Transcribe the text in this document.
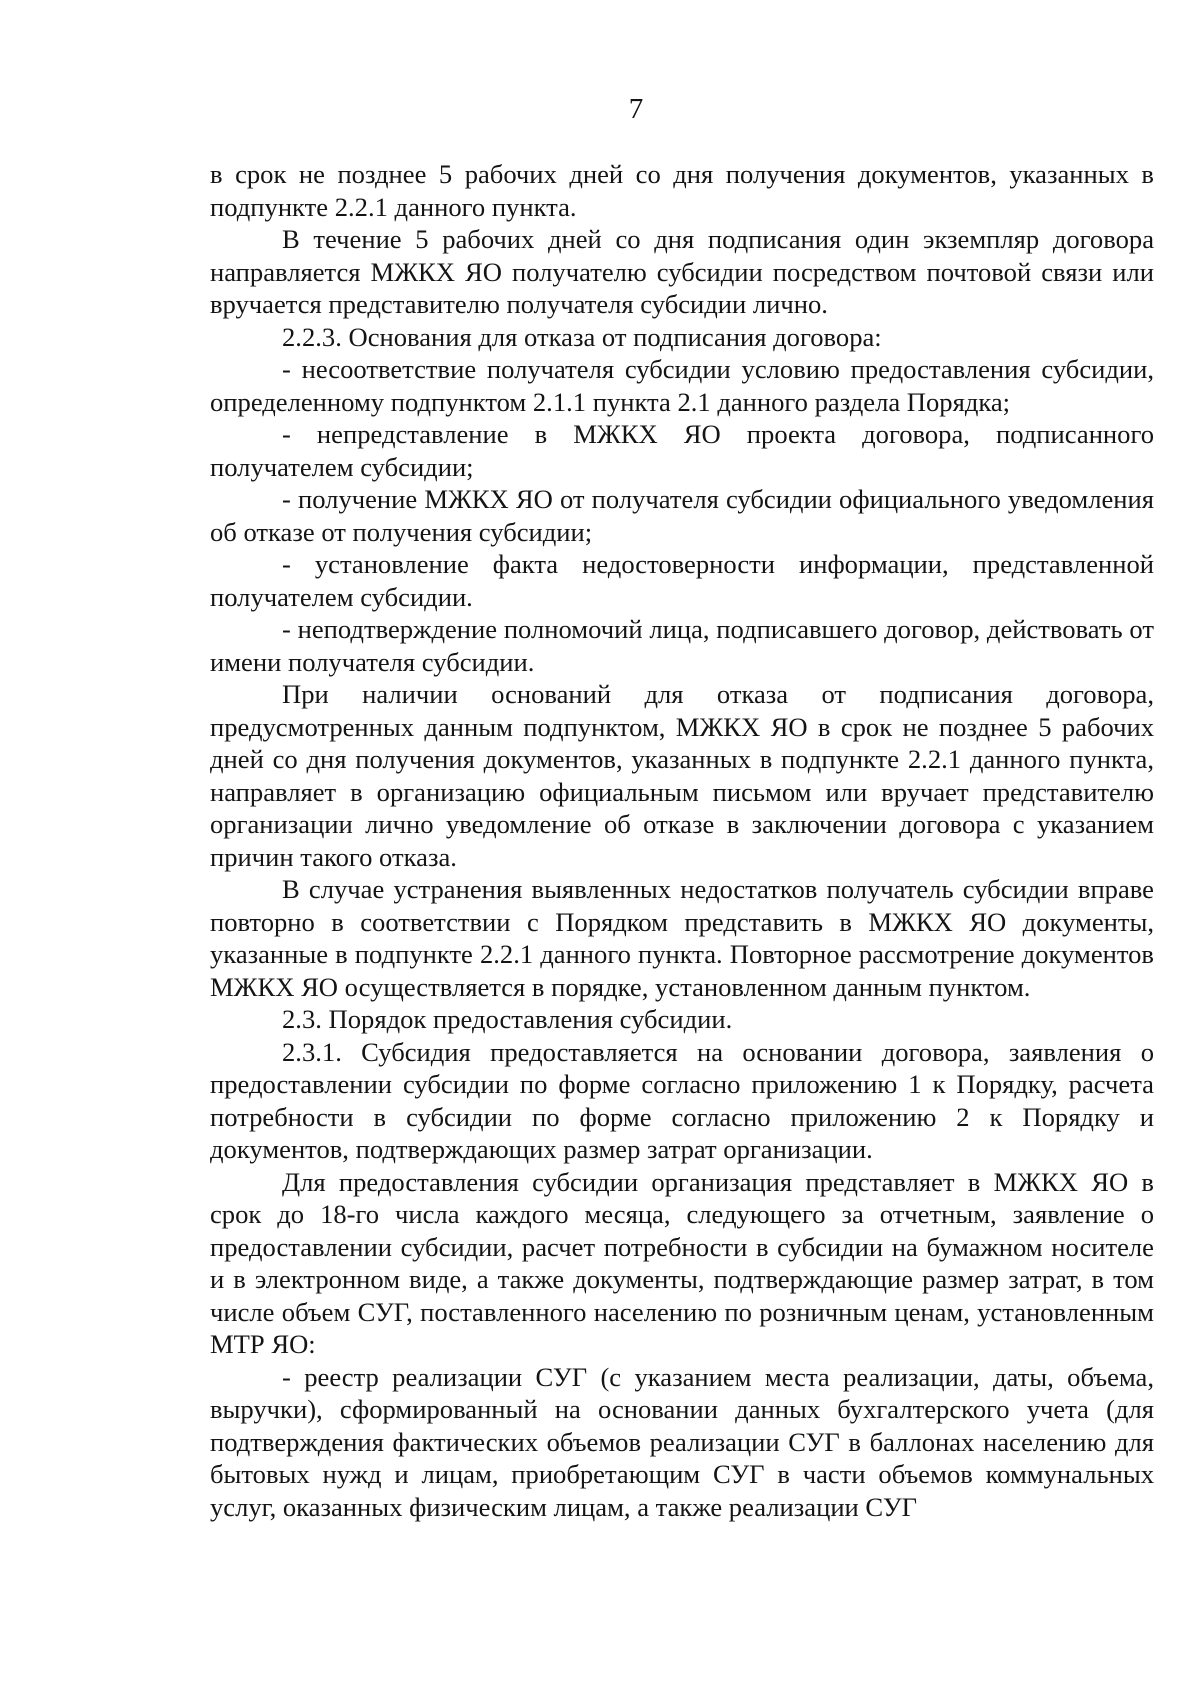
7

в срок не позднее 5 рабочих дней со дня получения документов, указанных в подпункте 2.2.1 данного пункта.

В течение 5 рабочих дней со дня подписания один экземпляр договора направляется МЖКХ ЯО получателю субсидии посредством почтовой связи или вручается представителю получателя субсидии лично.

2.2.3. Основания для отказа от подписания договора:

- несоответствие получателя субсидии условию предоставления субсидии, определенному подпунктом 2.1.1 пункта 2.1 данного раздела Порядка;

- непредставление в МЖКХ ЯО проекта договора, подписанного получателем субсидии;

- получение МЖКХ ЯО от получателя субсидии официального уведомления об отказе от получения субсидии;

- установление факта недостоверности информации, представленной получателем субсидии.

- неподтверждение полномочий лица, подписавшего договор, действовать от имени получателя субсидии.

При наличии оснований для отказа от подписания договора, предусмотренных данным подпунктом, МЖКХ ЯО в срок не позднее 5 рабочих дней со дня получения документов, указанных в подпункте 2.2.1 данного пункта, направляет в организацию официальным письмом или вручает представителю организации лично уведомление об отказе в заключении договора с указанием причин такого отказа.

В случае устранения выявленных недостатков получатель субсидии вправе повторно в соответствии с Порядком представить в МЖКХ ЯО документы, указанные в подпункте 2.2.1 данного пункта. Повторное рассмотрение документов МЖКХ ЯО осуществляется в порядке, установленном данным пунктом.

2.3. Порядок предоставления субсидии.

2.3.1. Субсидия предоставляется на основании договора, заявления о предоставлении субсидии по форме согласно приложению 1 к Порядку, расчета потребности в субсидии по форме согласно приложению 2 к Порядку и документов, подтверждающих размер затрат организации.

Для предоставления субсидии организация представляет в МЖКХ ЯО в срок до 18-го числа каждого месяца, следующего за отчетным, заявление о предоставлении субсидии, расчет потребности в субсидии на бумажном носителе и в электронном виде, а также документы, подтверждающие размер затрат, в том числе объем СУГ, поставленного населению по розничным ценам, установленным МТР ЯО:

- реестр реализации СУГ (с указанием места реализации, даты, объема, выручки), сформированный на основании данных бухгалтерского учета (для подтверждения фактических объемов реализации СУГ в баллонах населению для бытовых нужд и лицам, приобретающим СУГ в части объемов коммунальных услуг, оказанных физическим лицам, а также реализации СУГ
